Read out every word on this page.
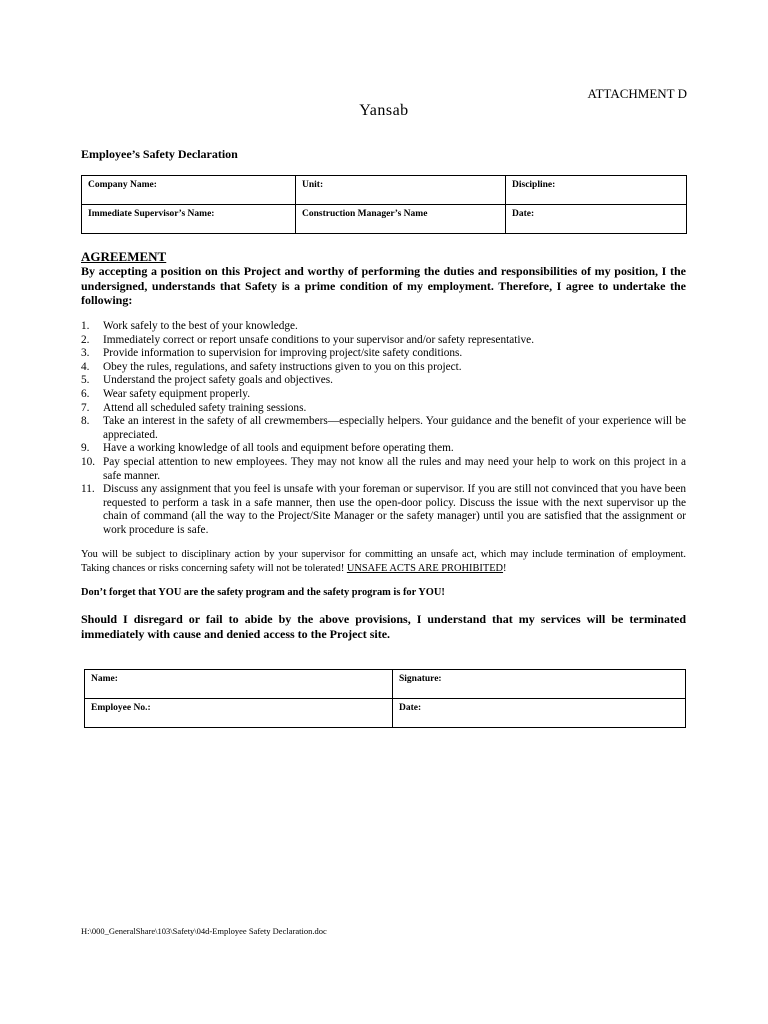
ATTACHMENT D
Yansab
Employee’s Safety Declaration
Company Name:	Unit:	Discipline:
Immediate Supervisor’s Name:	Construction Manager’s Name	Date:
AGREEMENT
By accepting a position on this Project and worthy of performing the duties and responsibilities of my position, I the undersigned, understands that Safety is a prime condition of my employment. Therefore, I agree to undertake the following:
1.	Work safely to the best of your knowledge.
2.	Immediately correct or report unsafe conditions to your supervisor and/or safety representative.
3.	Provide information to supervision for improving project/site safety conditions.
4.	Obey the rules, regulations, and safety instructions given to you on this project.
5.	Understand the project safety goals and objectives.
6.	Wear safety equipment properly.
7.	Attend all scheduled safety training sessions.
8.	Take an interest in the safety of all crewmembers—especially helpers. Your guidance and the benefit of your experience will be appreciated.
9.	Have a working knowledge of all tools and equipment before operating them.
10. Pay special attention to new employees. They may not know all the rules and may need your help to work on this project in a safe manner.
11. Discuss any assignment that you feel is unsafe with your foreman or supervisor. If you are still not convinced that you have been requested to perform a task in a safe manner, then use the open-door policy. Discuss the issue with the next supervisor up the chain of command (all the way to the Project/Site Manager or the safety manager) until you are satisfied that the assignment or work procedure is safe.
You will be subject to disciplinary action by your supervisor for committing an unsafe act, which may include termination of employment. Taking chances or risks concerning safety will not be tolerated! UNSAFE ACTS ARE PROHIBITED!
Don’t forget that YOU are the safety program and the safety program is for YOU!
Should I disregard or fail to abide by the above provisions, I understand that my services will be terminated immediately with cause and denied access to the Project site.
Name:	Signature:
Employee No.:	Date:
H:\000_GeneralShare\103\Safety\04d-Employee Safety Declaration.doc
